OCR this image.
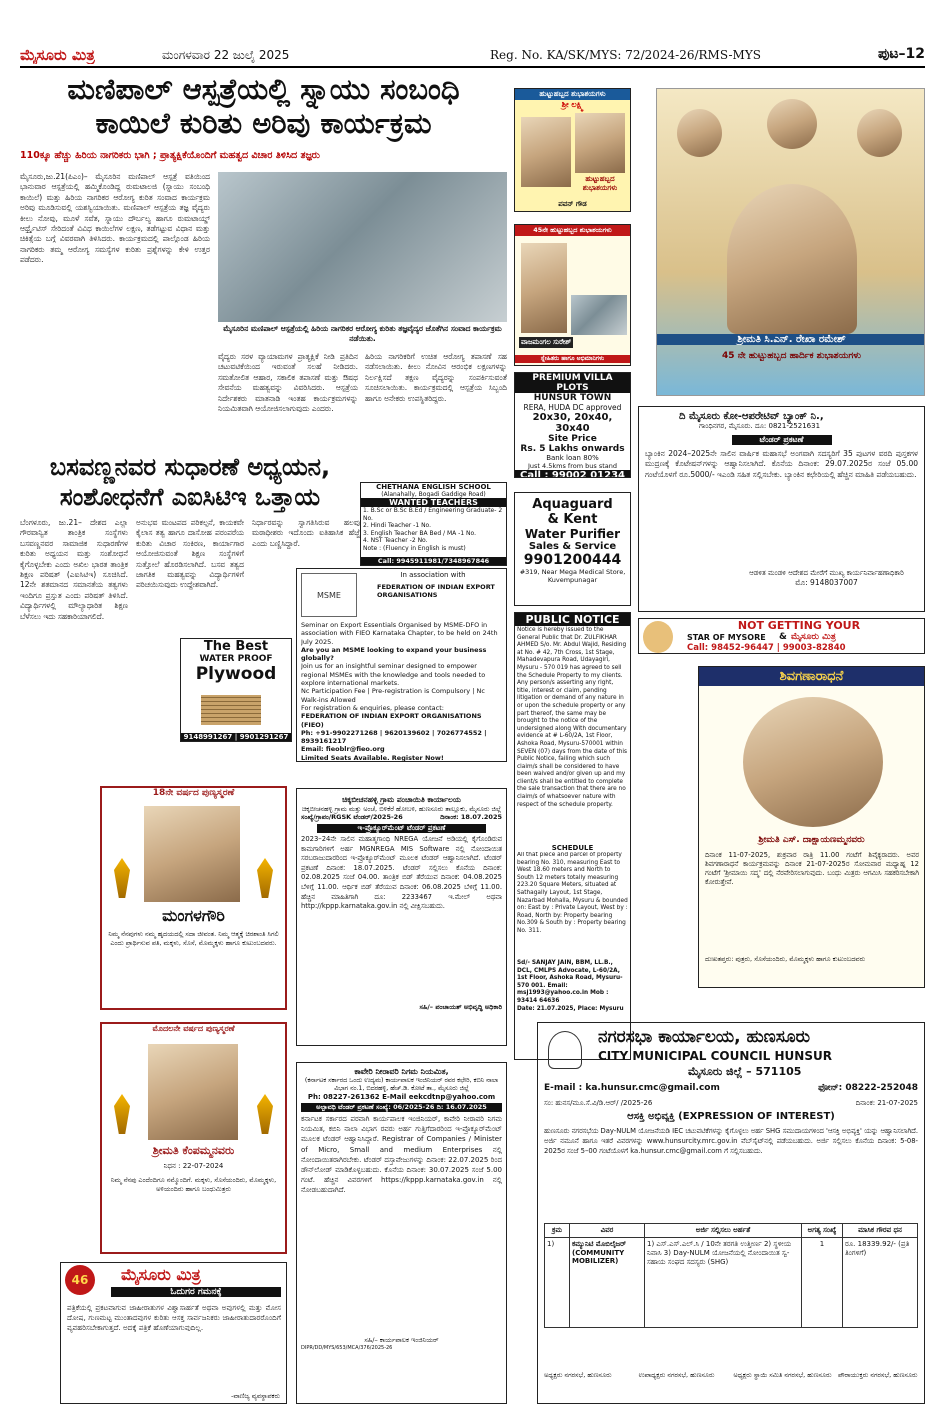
ಮೈಸೂರು ಮಿತ್ರ	ಮಂಗಳವಾರ 22 ಜುಲೈ 2025	Reg. No. KA/SK/MYS: 72/2024-26/RMS-MYS	ಪುಟ–12
ಮಣಿಪಾಲ್ ಆಸ್ಪತ್ರೆಯಲ್ಲಿ ಸ್ನಾಯು ಸಂಬಂಧಿ
ಕಾಯಿಲೆ ಕುರಿತು ಅರಿವು ಕಾರ್ಯಕ್ರಮ
110ಕ್ಕೂ ಹೆಚ್ಚು ಹಿರಿಯ ನಾಗರಿಕರು ಭಾಗಿ ; ಪ್ರಾತ್ಯಕ್ಷಿಕೆಯೊಂದಿಗೆ ಮಹತ್ವದ ವಿಚಾರ ತಿಳಿಸಿದ ತಜ್ಞರು
ಮೈಸೂರು,ಜು.21(ಪಿಎಂ)– ಮೈಸೂರಿನ ಮಣಿಪಾಲ್ ಆಸ್ಪತ್ರೆ ವತಿಯಿಂದ ಭಾನುವಾರ ಆಸ್ಪತ್ರೆಯಲ್ಲಿ ಹಮ್ಮಿಕೊಂಡಿದ್ದ ರುಮಟಾಲಜಿ (ಸ್ನಾಯು ಸಂಬಂಧಿ ಕಾಯಿಲೆ) ಮತ್ತು ಹಿರಿಯ ನಾಗರಿಕರ ಆರೋಗ್ಯ ಕುರಿತ ಸಂವಾದ ಕಾರ್ಯಕ್ರಮ ಅರಿವು ಮೂಡಿಸುವಲ್ಲಿ ಯಶಸ್ವಿಯಾಯಿತು. ಮಣಿಪಾಲ್ ಆಸ್ಪತ್ರೆಯ ತಜ್ಞ ವೈದ್ಯರು ಕೀಲು ನೋವು, ಮೂಳೆ ಸವೆತ, ಸ್ನಾಯು ದೌರ್ಬಲ್ಯ ಹಾಗೂ ರುಮಟಾಯ್ಡ್ ಆರ್ಥ್ರೈಟಿಸ್ ಸೇರಿದಂತೆ ವಿವಿಧ ಕಾಯಿಲೆಗಳ ಲಕ್ಷಣ, ತಡೆಗಟ್ಟುವ ವಿಧಾನ ಮತ್ತು ಚಿಕಿತ್ಸೆಯ ಬಗ್ಗೆ ವಿವರವಾಗಿ ತಿಳಿಸಿದರು. ಕಾರ್ಯಕ್ರಮದಲ್ಲಿ ಪಾಲ್ಗೊಂಡ ಹಿರಿಯ ನಾಗರಿಕರು ತಮ್ಮ ಆರೋಗ್ಯ ಸಮಸ್ಯೆಗಳ ಕುರಿತು ಪ್ರಶ್ನೆಗಳನ್ನು ಕೇಳಿ ಉತ್ತರ ಪಡೆದರು.
ಮೈಸೂರಿನ ಮಣಿಪಾಲ್ ಆಸ್ಪತ್ರೆಯಲ್ಲಿ ಹಿರಿಯ ನಾಗರಿಕರ ಆರೋಗ್ಯ ಕುರಿತು ತಜ್ಞವೈದ್ಯರ ಜೊತೆಗಿನ ಸಂವಾದ ಕಾರ್ಯಕ್ರಮ ನಡೆಯಿತು.
ವೈದ್ಯರು ಸರಳ ವ್ಯಾಯಾಮಗಳ ಪ್ರಾತ್ಯಕ್ಷಿಕೆ ನೀಡಿ ಪ್ರತಿದಿನ ಚಟುವಟಿಕೆಯಿಂದ ಇರುವಂತೆ ಸಲಹೆ ನೀಡಿದರು. ಸಮತೋಲಿತ ಆಹಾರ, ಸಕಾಲಿಕ ತಪಾಸಣೆ ಮತ್ತು ಔಷಧ ಸೇವನೆಯ ಮಹತ್ವವನ್ನು ವಿವರಿಸಿದರು. ಆಸ್ಪತ್ರೆಯ ನಿರ್ದೇಶಕರು ಮಾತನಾಡಿ ಇಂತಹ ಕಾರ್ಯಕ್ರಮಗಳನ್ನು ನಿಯಮಿತವಾಗಿ ಆಯೋಜಿಸಲಾಗುವುದು ಎಂದರು.
ಹಿರಿಯ ನಾಗರಿಕರಿಗೆ ಉಚಿತ ಆರೋಗ್ಯ ತಪಾಸಣೆ ಸಹ ನಡೆಸಲಾಯಿತು. ಕೀಲು ನೋವಿನ ಆರಂಭಿಕ ಲಕ್ಷಣಗಳನ್ನು ನಿರ್ಲಕ್ಷಿಸದೆ ತಕ್ಷಣ ವೈದ್ಯರನ್ನು ಸಂಪರ್ಕಿಸುವಂತೆ ಸೂಚಿಸಲಾಯಿತು. ಕಾರ್ಯಕ್ರಮದಲ್ಲಿ ಆಸ್ಪತ್ರೆಯ ಸಿಬ್ಬಂದಿ ಹಾಗೂ ಅನೇಕರು ಉಪಸ್ಥಿತರಿದ್ದರು.
ಹುಟ್ಟುಹಬ್ಬದ ಶುಭಾಶಯಗಳು
ಶ್ರೀ ಲಕ್ಷ್ಮಿ
ಹುಟ್ಟುಹಬ್ಬದ ಶುಭಾಶಯಗಳು
ಪವನ್ ಗೌಡ
45ನೇ ಹುಟ್ಟುಹಬ್ಬದ ಶುಭಾಶಯಗಳು
ವಾಜಮಂಗಲ ಸುರೇಶ್
ಸ್ನೇಹಿತರು ಹಾಗೂ ಅಭಿಮಾನಿಗಳು
ಶ್ರೀಮತಿ ಸಿ.ಎನ್. ರೇಖಾ ರಮೇಶ್
45 ನೇ ಹುಟ್ಟುಹಬ್ಬದ ಹಾರ್ದಿಕ ಶುಭಾಶಯಗಳು
PREMIUM VILLA PLOTS
HUNSUR TOWN
RERA, HUDA DC approved
20x30, 20x40, 30x40
Site Price
Rs. 5 Lakhs onwards
Bank loan 80%
Just 4.5kms from bus stand
Call : 99002 01234
ದಿ ಮೈಸೂರು ಕೋ-ಆಪರೇಟಿವ್ ಬ್ಯಾಂಕ್ ನಿ.,
ಗಾಂಧಿನಗರ, ಮೈಸೂರು. ದೂ: 0821-2521631
ಟೆಂಡರ್ ಪ್ರಕಟಣೆ
ಬ್ಯಾಂಕಿನ 2024–2025ನೇ ಸಾಲಿನ ವಾರ್ಷಿಕ ಮಹಾಸಭೆ ಅಂಗವಾಗಿ ಸದಸ್ಯರಿಗೆ 35 ಪುಟಗಳ ವರದಿ ಪುಸ್ತಕಗಳ ಮುದ್ರಣಕ್ಕೆ ಕೊಟೇಷನ್‌ಗಳನ್ನು ಆಹ್ವಾನಿಸಲಾಗಿದೆ. ಕೊನೆಯ ದಿನಾಂಕ: 29.07.2025ರ ಸಂಜೆ 05.00 ಗಂಟೆಯೊಳಗೆ ರೂ.5000/- ಇಎಂಡಿ ಸಹಿತ ಸಲ್ಲಿಸಬೇಕು. ಬ್ಯಾಂಕಿನ ಕಛೇರಿಯಲ್ಲಿ ಹೆಚ್ಚಿನ ಮಾಹಿತಿ ಪಡೆಯಬಹುದು.
ಆಡಳಿತ ಮಂಡಳಿ ಆದೇಶದ ಮೇರೆಗೆ ಮುಖ್ಯ ಕಾರ್ಯನಿರ್ವಾಹಣಾಧಿಕಾರಿ
ಮೊ: 9148037007
ಬಸವಣ್ಣನವರ ಸುಧಾರಣೆ ಅಧ್ಯಯನ,
ಸಂಶೋಧನೆಗೆ ಎಐಸಿಟಿಇ ಒತ್ತಾಯ
ಬೆಂಗಳೂರು, ಜು.21– ದೇಶದ ಎಲ್ಲಾ ಗೌರವಾನ್ವಿತ ತಾಂತ್ರಿಕ ಸಂಸ್ಥೆಗಳು ಬಸವಣ್ಣನವರ ಸಾಮಾಜಿಕ ಸುಧಾರಣೆಗಳ ಕುರಿತು ಅಧ್ಯಯನ ಮತ್ತು ಸಂಶೋಧನೆ ಕೈಗೊಳ್ಳಬೇಕು ಎಂದು ಅಖಿಲ ಭಾರತ ತಾಂತ್ರಿಕ ಶಿಕ್ಷಣ ಪರಿಷತ್ (ಎಐಸಿಟಿಇ) ಸೂಚಿಸಿದೆ. 12ನೇ ಶತಮಾನದ ಸಮಾನತೆಯ ತತ್ವಗಳು ಇಂದಿಗೂ ಪ್ರಸ್ತುತ ಎಂದು ಪರಿಷತ್ ತಿಳಿಸಿದೆ. ವಿದ್ಯಾರ್ಥಿಗಳಲ್ಲಿ ಮೌಲ್ಯಾಧಾರಿತ ಶಿಕ್ಷಣ ಬೆಳೆಸಲು ಇದು ಸಹಕಾರಿಯಾಗಲಿದೆ.
ಅನುಭವ ಮಂಟಪದ ಪರಿಕಲ್ಪನೆ, ಕಾಯಕವೇ ಕೈಲಾಸ ತತ್ವ ಹಾಗೂ ದಾಸೋಹ ಪರಂಪರೆಯ ಕುರಿತು ವಿಚಾರ ಸಂಕಿರಣ, ಕಾರ್ಯಾಗಾರ ಆಯೋಜಿಸುವಂತೆ ಶಿಕ್ಷಣ ಸಂಸ್ಥೆಗಳಿಗೆ ಸುತ್ತೋಲೆ ಹೊರಡಿಸಲಾಗಿದೆ. ಬಸವ ತತ್ವದ ಜಾಗತಿಕ ಮಹತ್ವವನ್ನು ವಿದ್ಯಾರ್ಥಿಗಳಿಗೆ ಪರಿಚಯಿಸುವುದು ಉದ್ದೇಶವಾಗಿದೆ.
ನಿರ್ಧಾರವನ್ನು ಸ್ವಾಗತಿಸಿರುವ ಹಲವು ಮಠಾಧೀಶರು ಇದೊಂದು ಐತಿಹಾಸಿಕ ಹೆಜ್ಜೆ ಎಂದು ಬಣ್ಣಿಸಿದ್ದಾರೆ.
CHETHANA ENGLISH SCHOOL
(Alanahally, Bogadi Gaddige Road)
WANTED TEACHERS
1. B.Sc or B.Sc B.Ed / Engineering Graduate- 2 No.
2. Hindi Teacher -1 No.
3. English Teacher BA Bed / MA -1 No.
4. NST Teacher -2 No.
Note : (Fluency in English is must)
Call: 9945911981/7348967846
Aquaguard
& Kent
Water Purifier
Sales & Service
9901200444
#319, Near Mega Medical Store, Kuvempunagar
MSME
In association with
FEDERATION OF INDIAN EXPORT ORGANISATIONS
Seminar on Export Essentials Organised by MSME-DFO in association with FIEO Karnataka Chapter, to be held on 24th July 2025.
Are you an MSME looking to expand your business globally?
Join us for an insightful seminar designed to empower regional MSMEs with the knowledge and tools needed to explore international markets.
Nc Participation Fee | Pre-registration is Compulsory | Nc Walk-ins Allowed
For registration & enquiries, please contact:
FEDERATION OF INDIAN EXPORT ORGANISATIONS (FIEO)
Ph: +91-9902271268 | 9620139602 | 7026774552 | 8939161217
Email: fieoblr@fieo.org
Limited Seats Available. Register Now!
The Best
WATER PROOF
Plywood
9148991267 | 9901291267
PUBLIC NOTICE
Notice is hereby issued to the General Public that Dr. ZULFIKHAR AHMED S/o. Mr. Abdul Wajid, Residing at No. # 42, 7th Cross, 1st Stage, Mahadevapura Road, Udayagiri, Mysuru - 570 019 has agreed to sell the Schedule Property to my clients. Any person/s asserting any right, title, interest or claim, pending litigation or demand of any nature in or upon the schedule property or any part thereof, the same may be brought to the notice of the undersigned along With documentary evidence at # L-60/2A, 1st Floor, Ashoka Road, Mysuru-570001 within SEVEN (07) days from the date of this Public Notice, failing which such claim/s shall be considered to have been waived and/or given up and my client/s shall be entitled to complete the sale transaction that there are no claim/s of whatsoever nature with respect of the schedule property.
SCHEDULE
All that piece and parcel of property bearing No. 310, measuring East to West 18.60 meters and North to South 12 meters totally measuring 223.20 Square Meters, situated at Sathagally Layout, 1st Stage, Nazarbad Mohalla, Mysuru & bounded on: East by : Private Layout, West by : Road, North by: Property bearing No.309 & South by : Property bearing No. 311.
Sd/- SANJAY JAIN, BBM, LL.B., DCL, CMLPS Advocate, L-60/2A, 1st Floor, Ashoka Road, Mysuru-570 001. Email: msj1993@yahoo.co.in Mob : 93414 64636
Date: 21.07.2025, Place: Mysuru
NOT GETTING YOUR
STAR OF MYSORE & ಮೈಸೂರು ಮಿತ್ರ
Call: 98452-96447 | 99003-82840
ಶಿವಗಣಾರಾಧನೆ
ಶ್ರೀಮತಿ ಎಸ್. ದಾಕ್ಷಾಯಣಮ್ಮನವರು
ದಿನಾಂಕ 11-07-2025, ಶುಕ್ರವಾರ ರಾತ್ರಿ 11.00 ಗಂಟೆಗೆ ಶಿವೈಕ್ಯರಾದರು. ಅವರ ಶಿವಗಣಾರಾಧನೆ ಕಾರ್ಯಕ್ರಮವನ್ನು ದಿನಾಂಕ 21-07-2025ರ ಸೋಮವಾರ ಮಧ್ಯಾಹ್ನ 12 ಗಂಟೆಗೆ 'ಶ್ರೀಮಾಯಿ ಸದ್ಮ' ದಲ್ಲಿ ನೆರವೇರಿಸಲಾಗುವುದು. ಬಂಧು ಮಿತ್ರರು ಆಗಮಿಸಿ ಸಹಕರಿಸಬೇಕಾಗಿ ಕೋರುತ್ತೇವೆ.
ದುಃಖತಪ್ತರು: ಪುತ್ರರು, ಸೊಸೆಯಂದಿರು, ಮೊಮ್ಮಕ್ಕಳು ಹಾಗೂ ಕುಟುಂಬದವರು
18ನೇ ವರ್ಷದ ಪುಣ್ಯಸ್ಮರಣೆ
ಮಂಗಳಗೌರಿ
ನಿಮ್ಮ ನೆನಪುಗಳು ನಮ್ಮ ಹೃದಯದಲ್ಲಿ ಸದಾ ಜೀವಂತ. ನಿಮ್ಮ ಆತ್ಮಕ್ಕೆ ಚಿರಶಾಂತಿ ಸಿಗಲಿ ಎಂದು ಪ್ರಾರ್ಥಿಸುವ ಪತಿ, ಮಕ್ಕಳು, ಸೊಸೆ, ಮೊಮ್ಮಕ್ಕಳು ಹಾಗೂ ಕುಟುಂಬದವರು.
ಚಿಕ್ಕಬೀಚನಹಳ್ಳಿ ಗ್ರಾಮ ಪಂಚಾಯಿತಿ ಕಾರ್ಯಾಲಯ
ಚಿಕ್ಕಬೀಚನಹಳ್ಳಿ ಗ್ರಾಮ ಮತ್ತು ಅಂಚೆ, ಬಿಳಿಕೆರೆ ಹೋಬಳಿ, ಹುಣಸೂರು ತಾಲ್ಲೂಕು, ಮೈಸೂರು ಜಿಲ್ಲೆ
ಸಂಖ್ಯೆ/ಗ್ರಾಪಂ/RGSK ಟೆಂಡರ್/2025-26	ದಿನಾಂಕ: 18.07.2025
ಇ-ಪ್ರೊಕ್ಯೂರ್‌ಮೆಂಟ್ ಟೆಂಡರ್ ಪ್ರಕಟಣೆ
2023–24ನೇ ಸಾಲಿನ ಮಹಾತ್ಮಗಾಂಧಿ NREGA ಯೋಜನೆ ಅಡಿಯಲ್ಲಿ ಕೈಗೊಂಡಿರುವ ಕಾಮಗಾರಿಗಳಿಗೆ ಅರ್ಹ MGNREGA MIS Software ನಲ್ಲಿ ನೋಂದಾಯಿತ ಸರಬರಾಜುದಾರರಿಂದ ಇ-ಪ್ರೊಕ್ಯೂರ್‌ಮೆಂಟ್ ಮೂಲಕ ಟೆಂಡರ್ ಆಹ್ವಾನಿಸಲಾಗಿದೆ. ಟೆಂಡರ್ ಪ್ರಕಟಣೆ ದಿನಾಂಕ: 18.07.2025. ಟೆಂಡರ್ ಸಲ್ಲಿಸಲು ಕೊನೆಯ ದಿನಾಂಕ: 02.08.2025 ಸಂಜೆ 04.00. ತಾಂತ್ರಿಕ ಬಿಡ್ ತೆರೆಯುವ ದಿನಾಂಕ: 04.08.2025 ಬೆಳಿಗ್ಗೆ 11.00. ಆರ್ಥಿಕ ಬಿಡ್ ತೆರೆಯುವ ದಿನಾಂಕ: 06.08.2025 ಬೆಳಿಗ್ಗೆ 11.00. ಹೆಚ್ಚಿನ ಮಾಹಿತಿಗಾಗಿ ದೂ: 2233467 ಇ.ಮೇಲ್ ಅಥವಾ http://kppp.karnataka.gov.in ನಲ್ಲಿ ವೀಕ್ಷಿಸಬಹುದು.
ಸಹಿ/– ಪಂಚಾಯತ್ ಅಭಿವೃದ್ಧಿ ಅಧಿಕಾರಿ
ಮೊದಲನೇ ವರ್ಷದ ಪುಣ್ಯಸ್ಮರಣೆ
ಶ್ರೀಮತಿ ಕೆಂಪಮ್ಮನವರು
ನಿಧನ : 22-07-2024
ನಿಮ್ಮ ನೆನಪು ಎಂದೆಂದಿಗೂ ನಮ್ಮೊಂದಿಗೆ. ಮಕ್ಕಳು, ಸೊಸೆಯಂದಿರು, ಮೊಮ್ಮಕ್ಕಳು, ಅಳಿಯಂದಿರು ಹಾಗೂ ಬಂಧುಮಿತ್ರರು
ಕಾವೇರಿ ನೀರಾವರಿ ನಿಗಮ ನಿಯಮಿತ,
(ಕರ್ನಾಟಕ ಸರ್ಕಾರದ ಒಂದು ಉದ್ಯಮ) ಕಾರ್ಯಪಾಲಕ ಇಂಜಿನಿಯರ್ ರವರ ಕಛೇರಿ, ಕಬಿನಿ ನಾಲಾ ವಿಭಾಗ ನಂ.1, ಬಿದರಹಳ್ಳಿ, ಹೆಚ್.ಡಿ. ಕೋಟೆ ತಾ., ಮೈಸೂರು ಜಿಲ್ಲೆ
Ph: 08227-261362 E-Mail eekcdtnp@yahoo.com
ಅಲ್ಪಾವಧಿ ಟೆಂಡರ್ ಪ್ರಕಟಣೆ ಸಂಖ್ಯೆ: 06/2025-26 ದಿ: 16.07.2025
ಕರ್ನಾಟಕ ಸರ್ಕಾರದ ಪರವಾಗಿ ಕಾರ್ಯಪಾಲಕ ಇಂಜಿನಿಯರ್, ಕಾವೇರಿ ನೀರಾವರಿ ನಿಗಮ ನಿಯಮಿತ, ಕಬಿನಿ ನಾಲಾ ವಿಭಾಗ ರವರು ಅರ್ಹ ಗುತ್ತಿಗೆದಾರರಿಂದ ಇ-ಪ್ರೊಕ್ಯೂರ್‌ಮೆಂಟ್ ಮೂಲಕ ಟೆಂಡರ್ ಆಹ್ವಾನಿಸಿದ್ದಾರೆ. Registrar of Companies / Minister of Micro, Small and medium Enterprises ನಲ್ಲಿ ನೋಂದಾಯಿತರಾಗಿರಬೇಕು. ಟೆಂಡರ್ ದಸ್ತಾವೇಜುಗಳನ್ನು ದಿನಾಂಕ: 22.07.2025 ರಿಂದ ಡೌನ್‌ಲೋಡ್ ಮಾಡಿಕೊಳ್ಳಬಹುದು. ಕೊನೆಯ ದಿನಾಂಕ: 30.07.2025 ಸಂಜೆ 5.00 ಗಂಟೆ. ಹೆಚ್ಚಿನ ವಿವರಗಳಿಗೆ https://kppp.karnataka.gov.in ನಲ್ಲಿ ನೋಡಬಹುದಾಗಿದೆ.
ಸಹಿ/– ಕಾರ್ಯಪಾಲಕ ಇಂಜಿನಿಯರ್
DIPR/DD/MYS/653/MCA/376/2025-26
ನಗರಸಭಾ ಕಾರ್ಯಾಲಯ, ಹುಣಸೂರು
CITY MUNICIPAL COUNCIL HUNSUR
ಮೈಸೂರು ಜಿಲ್ಲೆ – 571105
E-mail : ka.hunsur.cmc@gmail.com	ಫೋನ್: 08222-252048
ಸಂ: ಹುನಸ/ಮೂ.ಸೆ.ವಿ/ಡಿ.ಆರ್/ /2025-26	ದಿನಾಂಕ: 21-07-2025
ಆಸಕ್ತಿ ಅಭಿವ್ಯಕ್ತಿ (EXPRESSION OF INTEREST)
ಹುಣಸೂರು ನಗರಸಭೆಯ Day-NULM ಯೋಜನೆಯಡಿ IEC ಚಟುವಟಿಕೆಗಳನ್ನು ಕೈಗೊಳ್ಳಲು ಅರ್ಹ SHG ಸಮುದಾಯಗಳಿಂದ 'ಆಸಕ್ತಿ ಅಭಿವ್ಯಕ್ತಿ' ಯನ್ನು ಆಹ್ವಾನಿಸಲಾಗಿದೆ. ಅರ್ಜಿ ನಮೂನೆ ಹಾಗೂ ಇತರೆ ವಿವರಗಳನ್ನು www.hunsurcity.mrc.gov.in ವೆಬ್‌ಸೈಟ್‌ನಲ್ಲಿ ಪಡೆಯಬಹುದು. ಅರ್ಜಿ ಸಲ್ಲಿಸಲು ಕೊನೆಯ ದಿನಾಂಕ: 5-08-2025ರ ಸಂಜೆ 5–00 ಗಂಟೆಯೊಳಗೆ ka.hunsur.cmc@gmail.com ಗೆ ಸಲ್ಲಿಸಬಹುದು.
ಕ್ರಮ	ವಿವರ	ಅರ್ಜಿ ಸಲ್ಲಿಸಲು ಅರ್ಹತೆ	ಅಗತ್ಯ ಸಂಖ್ಯೆ	ಮಾಸಿಕ ಗೌರವ ಧನ
1)	ಕಮ್ಯುನಿಟಿ ಮೊಬಿಲೈಜರ್ (COMMUNITY MOBILIZER)	1) ಎಸ್.ಎಸ್.ಎಲ್.ಸಿ / 10ನೇ ತರಗತಿ ಉತ್ತೀರ್ಣ 2) ಸ್ಥಳೀಯ ನಿವಾಸಿ 3) Day-NULM ಯೋಜನೆಯಲ್ಲಿ ನೋಂದಾಯಿತ ಸ್ವ-ಸಹಾಯ ಸಂಘದ ಸದಸ್ಯರು (SHG)	1	ರೂ. 18339.92/- (ಪ್ರತಿ ತಿಂಗಳಿಗೆ)
ಅಧ್ಯಕ್ಷರು ನಗರಸಭೆ, ಹುಣಸೂರು	ಉಪಾಧ್ಯಕ್ಷರು ನಗರಸಭೆ, ಹುಣಸೂರು	ಅಧ್ಯಕ್ಷರು ಸ್ಥಾಯಿ ಸಮಿತಿ ನಗರಸಭೆ, ಹುಣಸೂರು ಪೌರಾಯುಕ್ತರು ನಗರಸಭೆ, ಹುಣಸೂರು
46	ಮೈಸೂರು ಮಿತ್ರ
ಓದುಗರ ಗಮನಕ್ಕೆ
ಪತ್ರಿಕೆಯಲ್ಲಿ ಪ್ರಕಟವಾಗುವ ಜಾಹೀರಾತುಗಳ ವಿಶ್ವಾಸಾರ್ಹತೆ ಅಥವಾ ಅವುಗಳಲ್ಲಿ ಮತ್ತು ಮೋಸ ದೋಷ, ಗುಣಮಟ್ಟ ಮುಂತಾದವುಗಳ ಕುರಿತು ಆಸಕ್ತ ಸಾರ್ವಜನಿಕರು ಜಾಹೀರಾತುದಾರರೊಂದಿಗೆ ವ್ಯವಹರಿಸಬೇಕಾಗುತ್ತದೆ. ಅದಕ್ಕೆ ಪತ್ರಿಕೆ ಹೊಣೆಯಾಗುವುದಿಲ್ಲ.
-ವಾಣಿಜ್ಯ ವ್ಯವಸ್ಥಾಪಕರು
